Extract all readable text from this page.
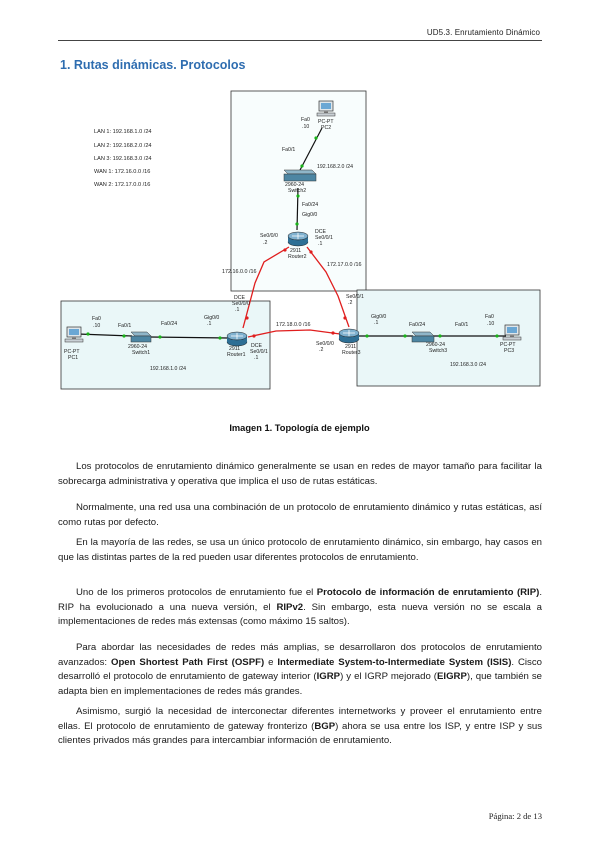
UD5.3. Enrutamiento Dinámico
1. Rutas dinámicas. Protocolos
LAN 1: 192.168.1.0 /24
LAN 2: 192.168.2.0 /24
LAN 3: 192.168.3.0 /24
WAN 1: 172.16.0.0 /16
WAN 2: 172.17.0.0 /16
Fa0
.10
PC-PT
PC2
Fa0/1
2960-24
Switch2
192.168.2.0 /24
Fa0/24
Gig0/0
DCE
Se0/0/1
.1
Se0/0/0
.2
2911
Router2
172.16.0.0 /16
172.17.0.0 /16
172.18.0.0 /16
Fa0
.10
PC-PT
PC1
Fa0/1	Fa0/24
2960-24
Switch1
192.168.1.0 /24
Gig0/0
.1
DCE
Se0/0/0
.1
DCE
Se0/0/1
.1
2911
Router1
Se0/0/1
.2
Gig0/0
.1
Se0/0/0
.2	2911
Router3
Fa0/24	Fa0/1
2960-24
Switch3
192.168.3.0 /24
Fa0
.10
PC-PT
PC3
Imagen 1. Topología de ejemplo
Los protocolos de enrutamiento dinámico generalmente se usan en redes de mayor tamaño para facilitar la sobrecarga administrativa y operativa que implica el uso de rutas estáticas.
Normalmente, una red usa una combinación de un protocolo de enrutamiento dinámico y rutas estáticas, así como rutas por defecto.
En la mayoría de las redes, se usa un único protocolo de enrutamiento dinámico, sin embargo, hay casos en que las distintas partes de la red pueden usar diferentes protocolos de enrutamiento.
Uno de los primeros protocolos de enrutamiento fue el Protocolo de información de enrutamiento (RIP). RIP ha evolucionado a una nueva versión, el RIPv2. Sin embargo, esta nueva versión no se escala a implementaciones de redes más extensas (como máximo 15 saltos).
Para abordar las necesidades de redes más amplias, se desarrollaron dos protocolos de enrutamiento avanzados: Open Shortest Path First (OSPF) e Intermediate System-to-Intermediate System (ISIS). Cisco desarrolló el protocolo de enrutamiento de gateway interior (IGRP) y el IGRP mejorado (EIGRP), que también se adapta bien en implementaciones de redes más grandes.
Asimismo, surgió la necesidad de interconectar diferentes internetworks y proveer el enrutamiento entre ellas. El protocolo de enrutamiento de gateway fronterizo (BGP) ahora se usa entre los ISP, y entre ISP y sus clientes privados más grandes para intercambiar información de enrutamiento.
Página: 2 de 13
